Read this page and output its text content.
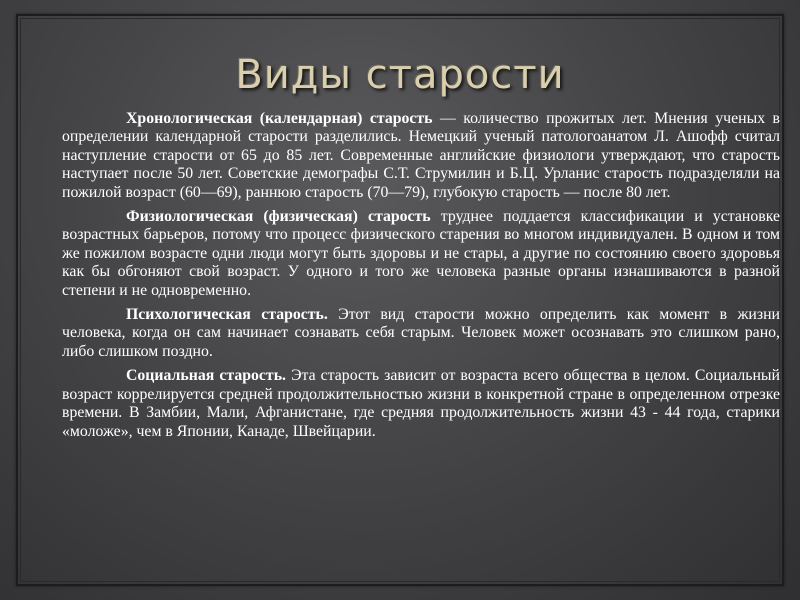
Виды старости

Хронологическая (календарная) старость — количество прожитых лет. Мнения ученых в определении календарной старости разделились. Немецкий ученый патологоанатом Л. Ашофф считал наступление старости от 65 до 85 лет. Современные английские физиологи утверждают, что старость наступает после 50 лет. Советские демографы С.Т. Струмилин и Б.Ц. Урланис старость подразделяли на пожилой возраст (60—69), раннюю старость (70—79), глубокую старость — после 80 лет.

Физиологическая (физическая) старость труднее поддается классификации и установке возрастных барьеров, потому что процесс физического старения во многом индивидуален. В одном и том же пожилом возрасте одни люди могут быть здоровы и не стары, а другие по состоянию своего здоровья как бы обгоняют свой возраст. У одного и того же человека разные органы изнашиваются в разной степени и не одновременно.

Психологическая старость. Этот вид старости можно определить как момент в жизни человека, когда он сам начинает сознавать себя старым. Человек может осознавать это слишком рано, либо слишком поздно.

Социальная старость. Эта старость зависит от возраста всего общества в целом. Социальный возраст коррелируется средней продолжительностью жизни в конкретной стране в определенном отрезке времени. В Замбии, Мали, Афганистане, где средняя продолжительность жизни 43 - 44 года, старики «моложе», чем в Японии, Канаде, Швейцарии.
